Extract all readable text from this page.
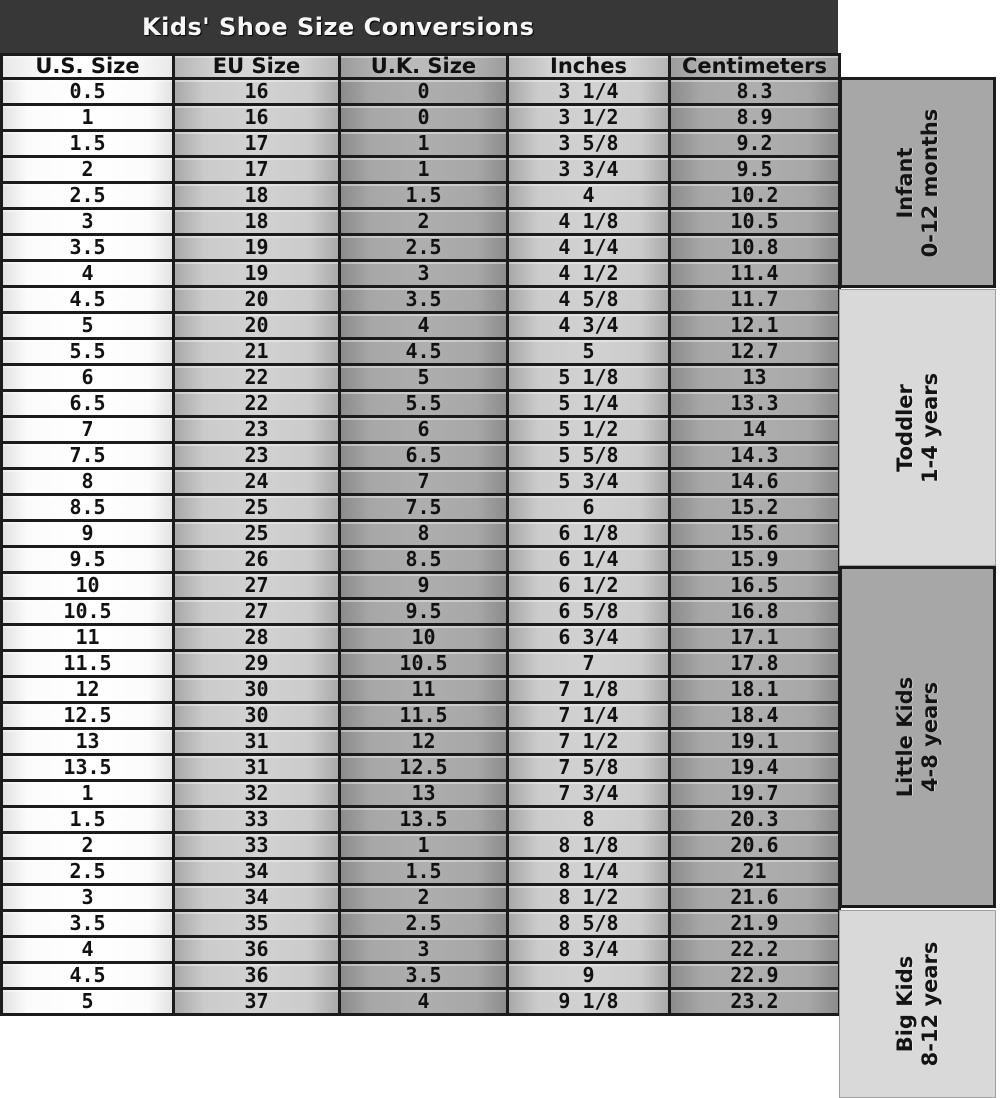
Kids' Shoe Size Conversions
U.S. Size	EU Size	U.K. Size	Inches	Centimeters
0.5	16	0	3 1/4	8.3
1	16	0	3 1/2	8.9
1.5	17	1	3 5/8	9.2
2	17	1	3 3/4	9.5
2.5	18	1.5	4	10.2
3	18	2	4 1/8	10.5
3.5	19	2.5	4 1/4	10.8
4	19	3	4 1/2	11.4
4.5	20	3.5	4 5/8	11.7
5	20	4	4 3/4	12.1
5.5	21	4.5	5	12.7
6	22	5	5 1/8	13
6.5	22	5.5	5 1/4	13.3
7	23	6	5 1/2	14
7.5	23	6.5	5 5/8	14.3
8	24	7	5 3/4	14.6
8.5	25	7.5	6	15.2
9	25	8	6 1/8	15.6
9.5	26	8.5	6 1/4	15.9
10	27	9	6 1/2	16.5
10.5	27	9.5	6 5/8	16.8
11	28	10	6 3/4	17.1
11.5	29	10.5	7	17.8
12	30	11	7 1/8	18.1
12.5	30	11.5	7 1/4	18.4
13	31	12	7 1/2	19.1
13.5	31	12.5	7 5/8	19.4
1	32	13	7 3/4	19.7
1.5	33	13.5	8	20.3
2	33	1	8 1/8	20.6
2.5	34	1.5	8 1/4	21
3	34	2	8 1/2	21.6
3.5	35	2.5	8 5/8	21.9
4	36	3	8 3/4	22.2
4.5	36	3.5	9	22.9
5	37	4	9 1/8	23.2
Infant 0-12 months
Toddler 1-4 years
Little Kids 4-8 years
Big Kids 8-12 years
